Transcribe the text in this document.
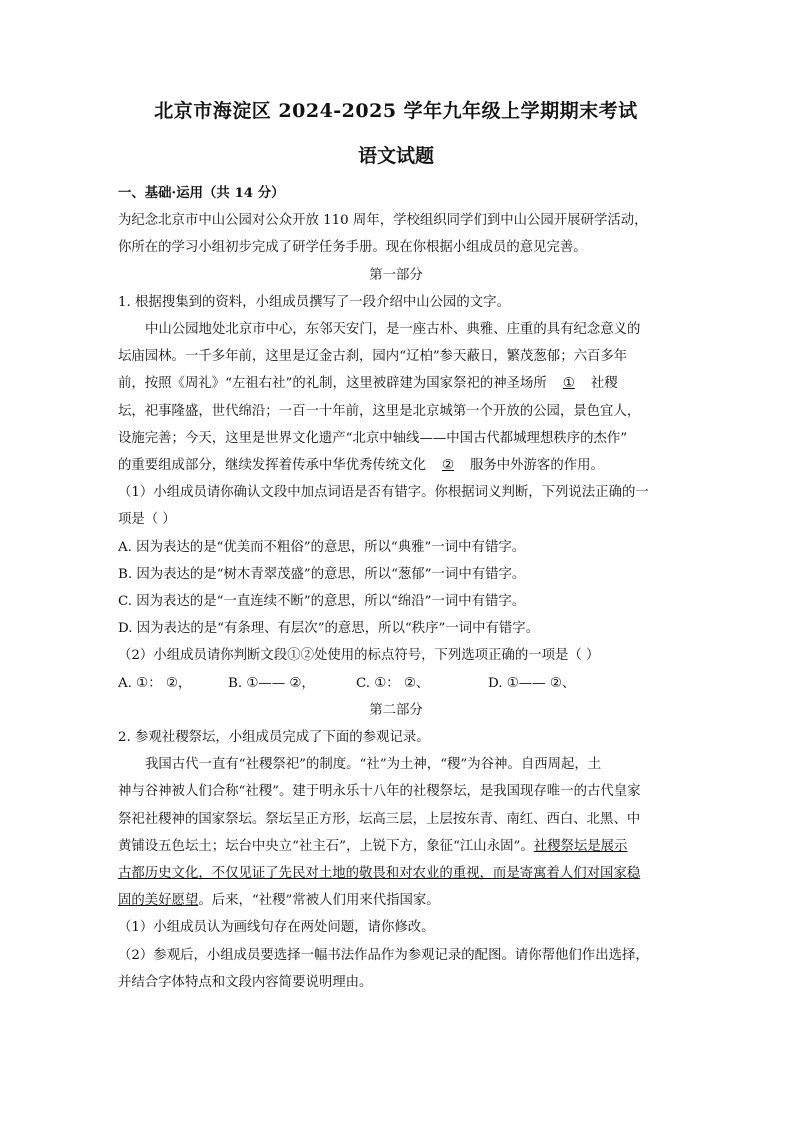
北京市海淀区 2024-2025 学年九年级上学期期末考试
语文试题
一、基础·运用（共 14 分）
为纪念北京市中山公园对公众开放 110 周年，学校组织同学们到中山公园开展研学活动，
你所在的学习小组初步完成了研学任务手册。现在你根据小组成员的意见完善。
第一部分
1. 根据搜集到的资料，小组成员撰写了一段介绍中山公园的文字。
中山公园地处北京市中心，东邻天安门，是一座古朴、典雅、庄重的具有纪念意义的
坛庙园林。一千多年前，这里是辽金古刹，园内“辽柏”参天蔽日，繁茂葱郁；六百多年
前，按照《周礼》“左祖右社”的礼制，这里被辟建为国家祭祀的神圣场所 ① 社稷
坛，祀事隆盛，世代绵沿；一百一十年前，这里是北京城第一个开放的公园，景色宜人，
设施完善；今天，这里是世界文化遗产“北京中轴线——中国古代都城理想秩序的杰作”
的重要组成部分，继续发挥着传承中华优秀传统文化 ② 服务中外游客的作用。
（1）小组成员请你确认文段中加点词语是否有错字。你根据词义判断，下列说法正确的一
项是（ ）
A. 因为表达的是“优美而不粗俗”的意思，所以“典雅”一词中有错字。
B. 因为表达的是“树木青翠茂盛”的意思，所以“葱郁”一词中有错字。
C. 因为表达的是“一直连续不断”的意思，所以“绵沿”一词中有错字。
D. 因为表达的是“有条理、有层次”的意思，所以“秩序”一词中有错字。
（2）小组成员请你判断文段①②处使用的标点符号，下列选项正确的一项是（ ）
A. ①： ②，	B. ①—— ②，	C. ①： ②、	D. ①—— ②、
第二部分
2. 参观社稷祭坛，小组成员完成了下面的参观记录。
我国古代一直有“社稷祭祀”的制度。“社”为土神，“稷”为谷神。自西周起，土
神与谷神被人们合称“社稷”。建于明永乐十八年的社稷祭坛，是我国现存唯一的古代皇家
祭祀社稷神的国家祭坛。祭坛呈正方形，坛高三层，上层按东青、南红、西白、北黑、中
黄铺设五色坛土；坛台中央立“社主石”，上锐下方，象征“江山永固”。社稷祭坛是展示
古都历史文化，不仅见证了先民对土地的敬畏和对农业的重视，而是寄寓着人们对国家稳
固的美好愿望。后来，“社稷”常被人们用来代指国家。
（1）小组成员认为画线句存在两处问题，请你修改。
（2）参观后，小组成员要选择一幅书法作品作为参观记录的配图。请你帮他们作出选择，
并结合字体特点和文段内容简要说明理由。
